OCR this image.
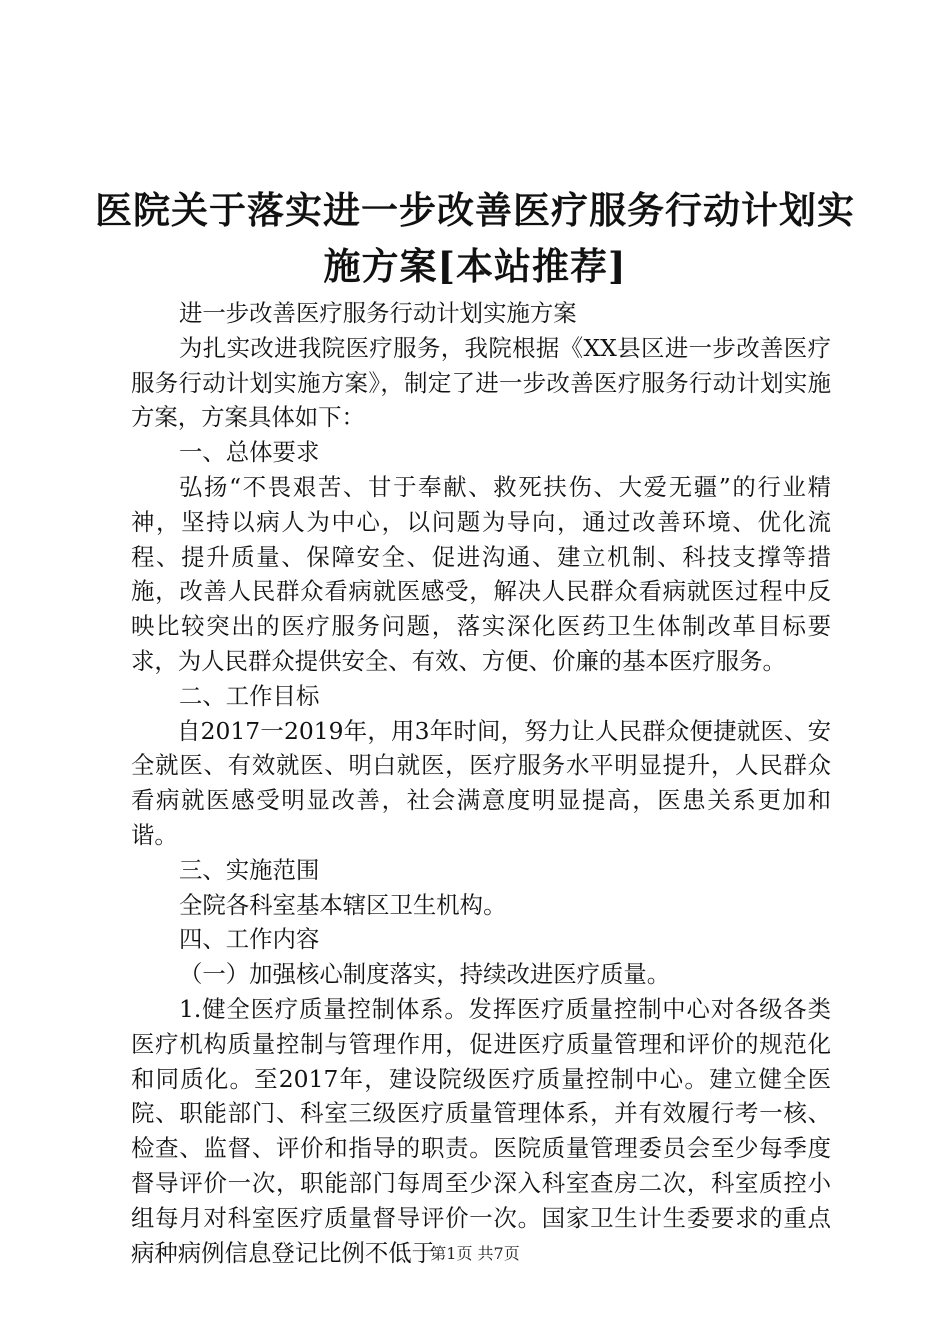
医院关于落实进一步改善医疗服务行动计划实
施方案[本站推荐]

进一步改善医疗服务行动计划实施方案

为扎实改进我院医疗服务，我院根据《XX县区进一步改善医疗服务行动计划实施方案》，制定了进一步改善医疗服务行动计划实施方案，方案具体如下：

一、总体要求

弘扬“不畏艰苦、甘于奉献、救死扶伤、大爱无疆”的行业精神，坚持以病人为中心，以问题为导向，通过改善环境、优化流程、提升质量、保障安全、促进沟通、建立机制、科技支撑等措施，改善人民群众看病就医感受，解决人民群众看病就医过程中反映比较突出的医疗服务问题，落实深化医药卫生体制改革目标要求，为人民群众提供安全、有效、方便、价廉的基本医疗服务。

二、工作目标

自2017一2019年，用3年时间，努力让人民群众便捷就医、安全就医、有效就医、明白就医，医疗服务水平明显提升，人民群众看病就医感受明显改善，社会满意度明显提高，医患关系更加和谐。

三、实施范围

全院各科室基本辖区卫生机构。

四、工作内容

（一）加强核心制度落实，持续改进医疗质量。

1.健全医疗质量控制体系。发挥医疗质量控制中心对各级各类医疗机构质量控制与管理作用，促进医疗质量管理和评价的规范化和同质化。至2017年，建设院级医疗质量控制中心。建立健全医院、职能部门、科室三级医疗质量管理体系，并有效履行考一核、检查、监督、评价和指导的职责。医院质量管理委员会至少每季度督导评价一次，职能部门每周至少深入科室查房二次，科室质控小组每月对科室医疗质量督导评价一次。国家卫生计生委要求的重点病种病例信息登记比例不低于

第1页 共7页
